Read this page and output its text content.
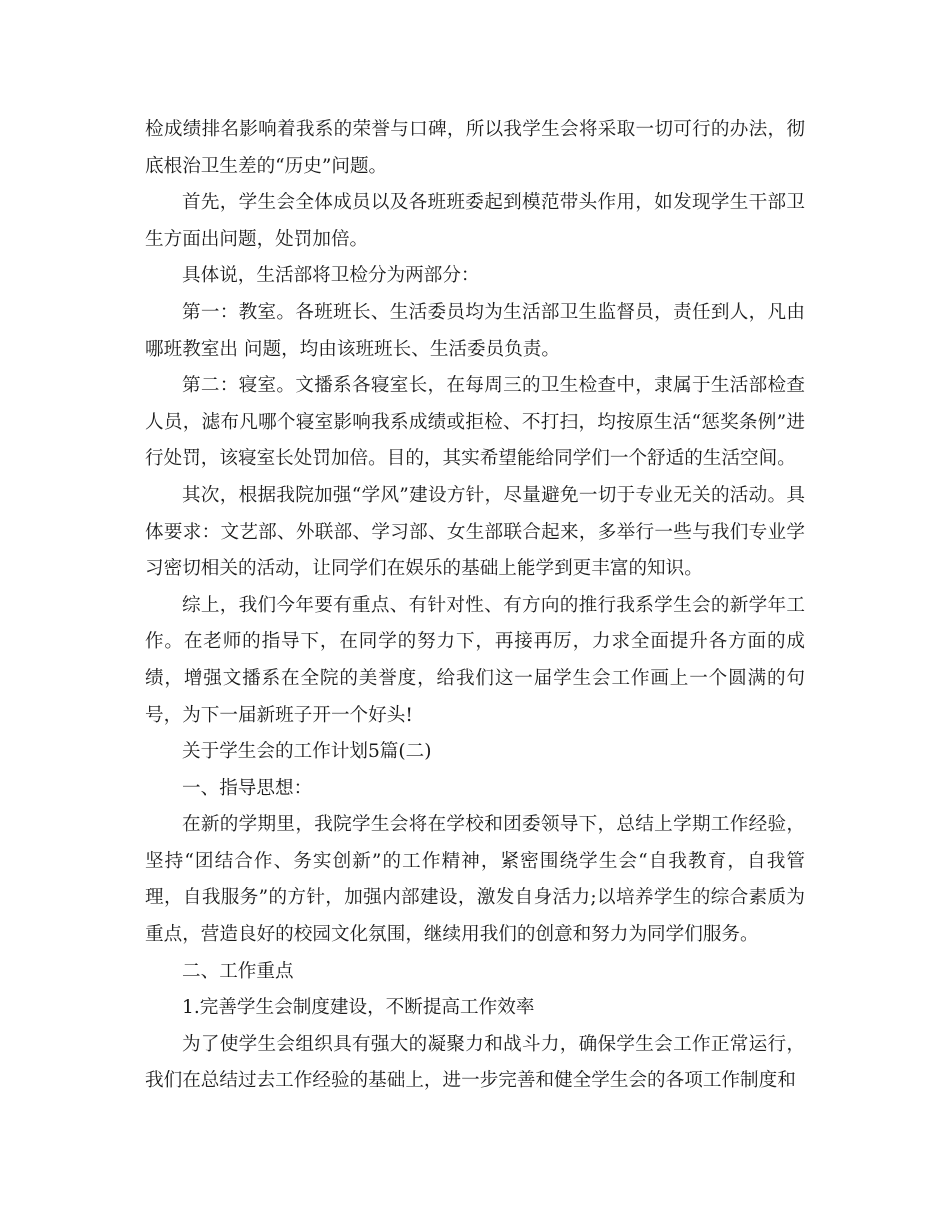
检成绩排名影响着我系的荣誉与口碑，所以我学生会将采取一切可行的办法，彻底根治卫生差的“历史”问题。

首先，学生会全体成员以及各班班委起到模范带头作用，如发现学生干部卫生方面出问题，处罚加倍。

具体说，生活部将卫检分为两部分：

第一：教室。各班班长、生活委员均为生活部卫生监督员，责任到人，凡由哪班教室出 问题，均由该班班长、生活委员负责。

第二：寝室。文播系各寝室长，在每周三的卫生检查中，隶属于生活部检查人员，滤布凡哪个寝室影响我系成绩或拒检、不打扫，均按原生活“惩奖条例”进行处罚，该寝室长处罚加倍。目的，其实希望能给同学们一个舒适的生活空间。

其次，根据我院加强“学风”建设方针，尽量避免一切于专业无关的活动。具体要求：文艺部、外联部、学习部、女生部联合起来，多举行一些与我们专业学习密切相关的活动，让同学们在娱乐的基础上能学到更丰富的知识。

综上，我们今年要有重点、有针对性、有方向的推行我系学生会的新学年工作。在老师的指导下，在同学的努力下，再接再厉，力求全面提升各方面的成绩，增强文播系在全院的美誉度，给我们这一届学生会工作画上一个圆满的句号，为下一届新班子开一个好头!

关于学生会的工作计划5篇(二)

一、指导思想：

在新的学期里，我院学生会将在学校和团委领导下，总结上学期工作经验，坚持“团结合作、务实创新”的工作精神，紧密围绕学生会“自我教育，自我管理，自我服务”的方针，加强内部建设，激发自身活力;以培养学生的综合素质为重点，营造良好的校园文化氛围，继续用我们的创意和努力为同学们服务。

二、工作重点

1.完善学生会制度建设，不断提高工作效率

为了使学生会组织具有强大的凝聚力和战斗力，确保学生会工作正常运行，我们在总结过去工作经验的基础上，进一步完善和健全学生会的各项工作制度和
